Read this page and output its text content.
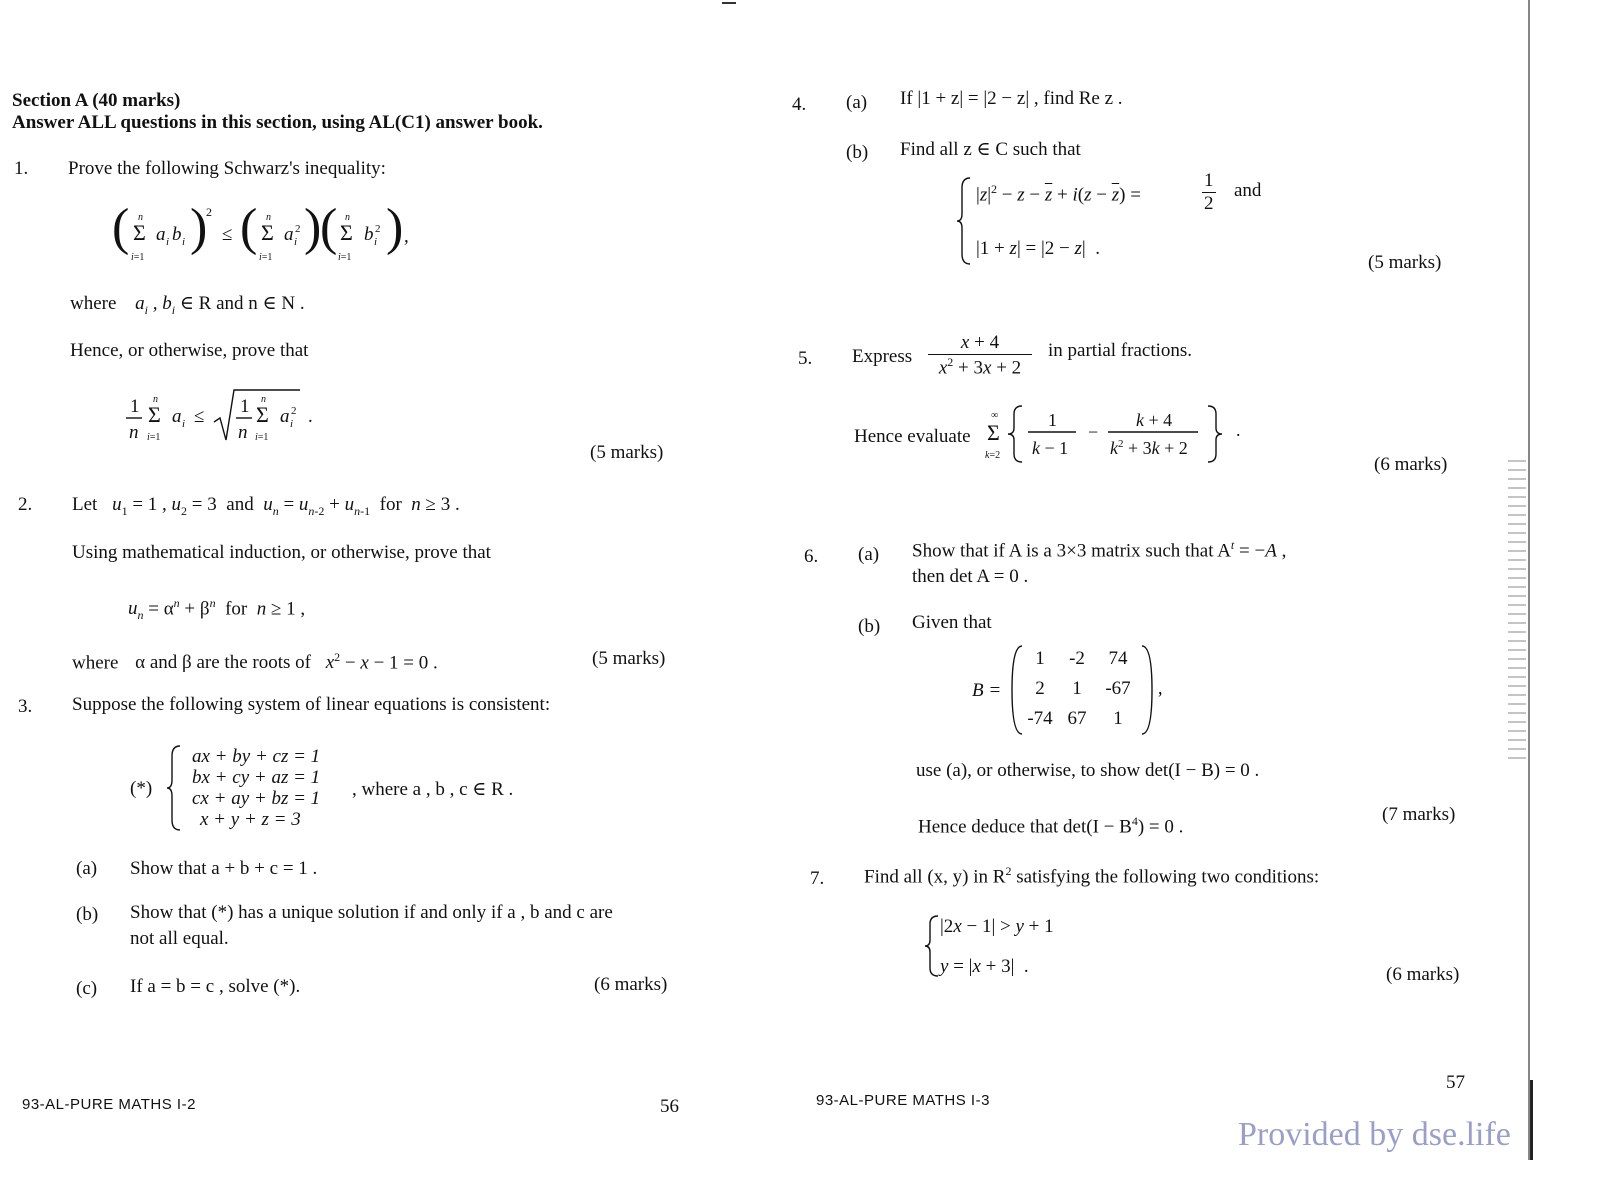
Section A (40 marks)
Answer ALL questions in this section, using AL(C1) answer book.
1. Prove the following Schwarz's inequality:
( Σ
n
i=1
a i b i )
2
≤ ( Σ
n
i=1
a i
2 )
( Σ
n
i=1
b i
2 ) ,
where $a_i$ , $b_i$ ∈ R and n ∈ N .
Hence, or otherwise, prove that
1
n
Σ
n
i=1
a i ≤ 1
n
Σ
n
i=1
a i
2 .
(5 marks)
2. Let $u_1 = 1$ , $u_2 = 3$  and  $u_n = u_{n-2} + u_{n-1}$  for  n ≥ 3 .
Using mathematical induction, or otherwise, prove that
$u_n = \alpha^n + \beta^n$  for  n ≥ 1 ,
where α and β are the roots of $x^2 - x - 1 = 0$ .	(5 marks)
3. Suppose the following system of linear equations is consistent:
(*)
ax + by + cz = 1
bx + cy + az = 1
cx + ay + bz = 1
x + y + z = 3
, where a , b , c ∈ R .
(a) Show that a + b + c = 1 .
(b) Show that (*) has a unique solution if and only if a , b and c are
not all equal.
(c) If a = b = c , solve (*).	(6 marks)
93-AL-PURE MATHS I-2	56
4. (a) If |1 + z| = |2 − z| , find Re z .
(b) Find all z ∈ C such that
$|z|^2 - z - \overline{z} + i(z - \overline{z})$ =
1
2
and
|1 + z| = |2 − z|  .
(5 marks)
5. Express
x + 4
$x^2 + 3x + 2$
in partial fractions.
Hence evaluate Σ
∞
k=2
1
k − 1
−
k + 4
$k^2 + 3k + 2$
.
(6 marks)
6. (a) Show that if A is a 3×3 matrix such that $A^t = -A$ ,
then det A = 0 .
(b) Given that
B =	,
1	-2	74
2	1	-67
-74 67	1
use (a), or otherwise, to show det(I − B) = 0 .
Hence deduce that $\det(I - B^4) = 0$ .
(7 marks)
7. Find all (x, y) in $R^2$ satisfying the following two conditions:
|2x − 1| > y + 1
y = |x + 3|  .	(6 marks)
57
93-AL-PURE MATHS I-3
Provided by dse.life
